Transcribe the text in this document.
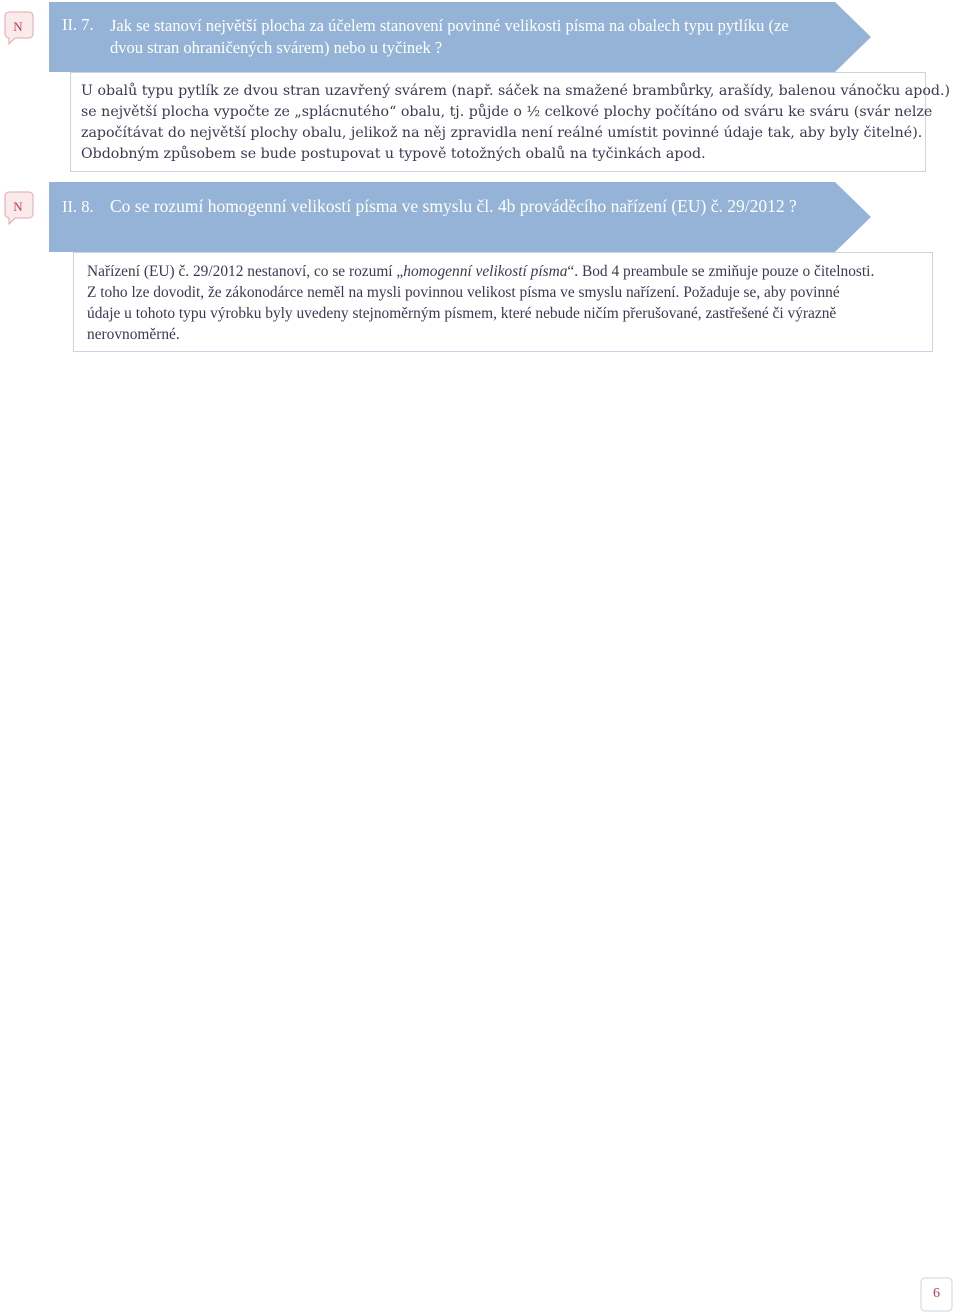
N II. 7. Jak se stanoví největší plocha za účelem stanovení povinné velikosti písma na obalech typu pytlíku (ze dvou stran ohraničených svárem) nebo u tyčinek ?

U obalů typu pytlík ze dvou stran uzavřený svárem (např. sáček na smažené brambůrky, arašídy, balenou vánočku apod.)
se největší plocha vypočte ze „splácnutého“ obalu, tj. půjde o ½ celkové plochy počítáno od sváru ke sváru (svár nelze
započítávat do největší plochy obalu, jelikož na něj zpravidla není reálné umístit povinné údaje tak, aby byly čitelné).
Obdobným způsobem se bude postupovat u typově totožných obalů na tyčinkách apod.

N II. 8. Co se rozumí homogenní velikostí písma ve smyslu čl. 4b prováděcího nařízení (EU) č. 29/2012 ?

Nařízení (EU) č. 29/2012 nestanoví, co se rozumí „homogenní velikostí písma“. Bod 4 preambule se zmiňuje pouze o čitelnosti.
Z toho lze dovodit, že zákonodárce neměl na mysli povinnou velikost písma ve smyslu nařízení. Požaduje se, aby povinné
údaje u tohoto typu výrobku byly uvedeny stejnoměrným písmem, které nebude ničím přerušované, zastřešené či výrazně
nerovnoměrné.

6
